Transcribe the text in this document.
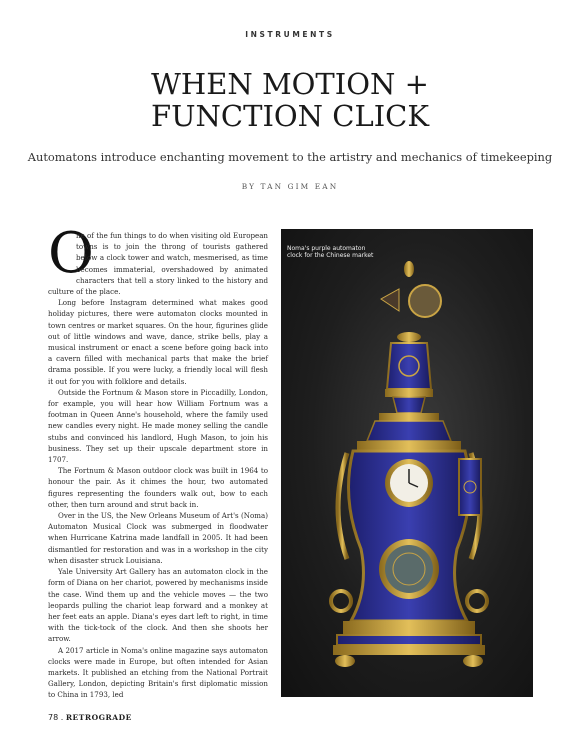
INSTRUMENTS
WHEN MOTION +
FUNCTION CLICK
Automatons introduce enchanting movement to the artistry and mechanics of timekeeping
BY TAN GIM EAN
O

ne of the fun things to do when visiting old European towns is to join the throng of tourists gathered below a clock tower and watch, mesmerised, as time becomes immaterial, overshadowed by animated characters that tell a story linked to the history and culture of the place.

Long before Instagram determined what makes good holiday pictures, there were automaton clocks mounted in town centres or market squares. On the hour, figurines glide out of little windows and wave, dance, strike bells, play a musical instrument or enact a scene before going back into a cavern filled with mechanical parts that make the brief drama possible. If you were lucky, a friendly local will flesh it out for you with folklore and details.

Outside the Fortnum & Mason store in Piccadilly, London, for example, you will hear how William Fortnum was a footman in Queen Anne's household, where the family used new candles every night. He made money selling the candle stubs and convinced his landlord, Hugh Mason, to join his business. They set up their upscale department store in 1707.

The Fortnum & Mason outdoor clock was built in 1964 to honour the pair. As it chimes the hour, two automated figures representing the founders walk out, bow to each other, then turn around and strut back in.

Over in the US, the New Orleans Museum of Art's (Noma) Automaton Musical Clock was submerged in floodwater when Hurricane Katrina made landfall in 2005. It had been dismantled for restoration and was in a workshop in the city when disaster struck Louisiana.

Yale University Art Gallery has an automaton clock in the form of Diana on her chariot, powered by mechanisms inside the case. Wind them up and the vehicle moves — the two leopards pulling the chariot leap forward and a monkey at her feet eats an apple. Diana's eyes dart left to right, in time with the tick-tock of the clock. And then she shoots her arrow.

A 2017 article in Noma's online magazine says automaton clocks were made in Europe, but often intended for Asian markets. It published an etching from the National Portrait Gallery, London, depicting Britain's first diplomatic mission to China in 1793, led

Noma's purple automaton clock for the Chinese market
78 . RETROGRADE
